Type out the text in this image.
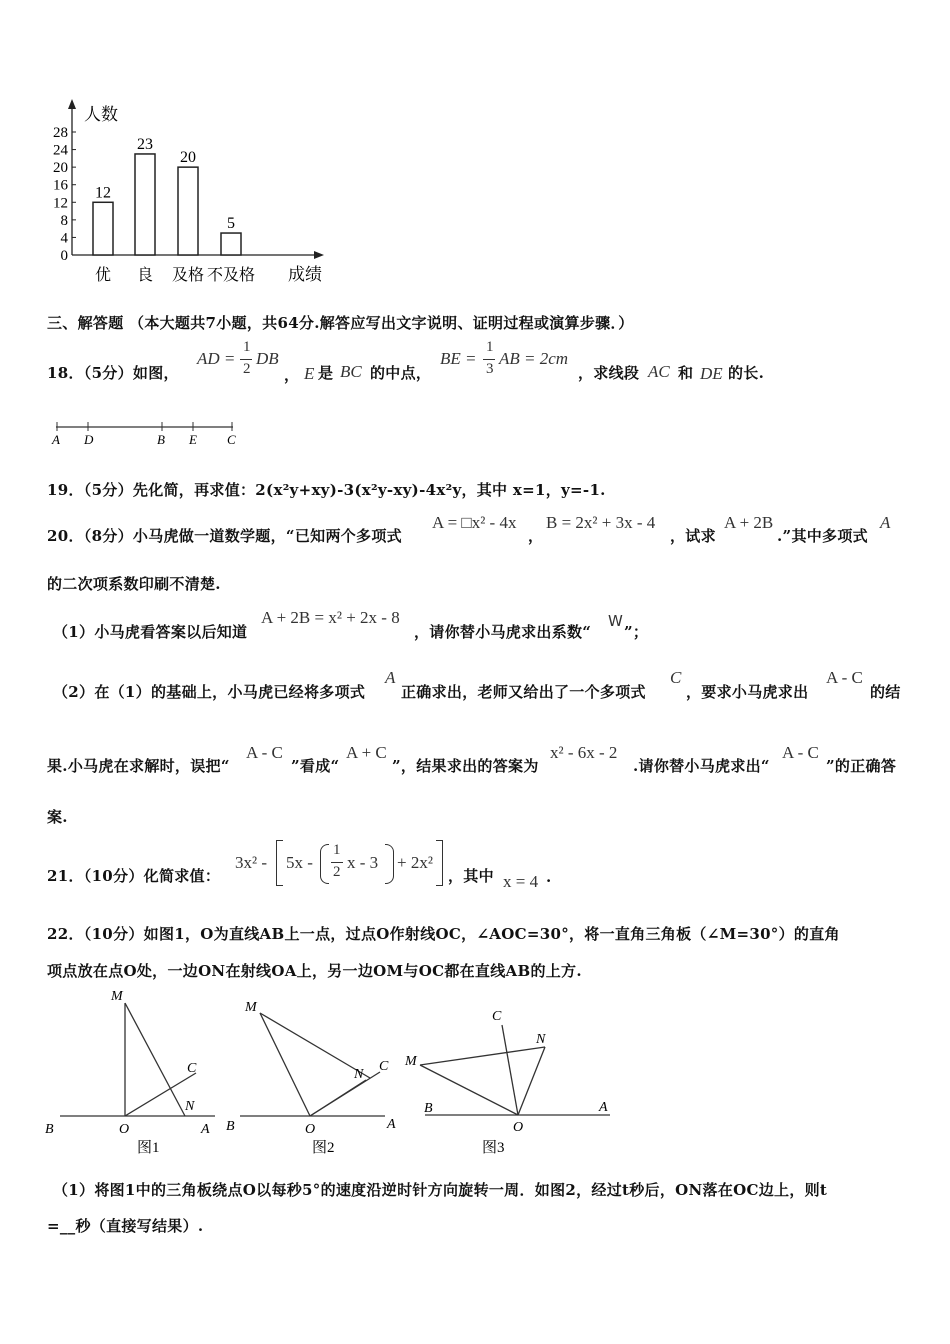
人数
成绩
0
4
8
12
16
20
24
28
12
23
20
5
优 良 及格 不及格
三、解答题 （本大题共7小题，共64分.解答应写出文字说明、证明过程或演算步骤．）
18．（5分）如图，
AD =
1
2
DB
， E 是 BC 的中点，
BE =
1
3
AB = 2cm
，求线段 AC 和 DE 的长.
A D	B E C
19．（5分）先化简，再求值：2(x²y+xy)-3(x²y-xy)-4x²y，其中 x=1，y=-1.
20．（8分）小马虎做一道数学题，“已知两个多项式
A = □x² - 4x
，
B = 2x² + 3x - 4
，试求
A + 2B
.”其中多项式
A
的二次项系数印刷不清楚.
（1）小马虎看答案以后知道
A + 2B = x² + 2x - 8
，请你替小马虎求出系数“
W
”；
（2）在（1）的基础上，小马虎已经将多项式
A
正确求出，老师又给出了一个多项式
C
，要求小马虎求出
A - C
的结
果.小马虎在求解时，误把“
A - C
”看成“
A + C
”，结果求出的答案为
x² - 6x - 2
.请你替小马虎求出“
A - C
”的正确答
案.
21．（10分）化简求值：
3x² - 5x -
1
2 x - 3 + 2x²
，其中 x = 4 .
22．（10分）如图1，O为直线AB上一点，过点O作射线OC，∠AOC=30°，将一直角三角板（∠M=30°）的直角
项点放在点O处，一边ON在射线OA上，另一边OM与OC都在直线AB的上方.
M
C
N
B	O	A
图1
M
C
N
B	O	A
图2
M
C
N
B
O
A
图3
（1）将图1中的三角板绕点O以每秒5°的速度沿逆时针方向旋转一周．如图2，经过t秒后，ON落在OC边上，则t
=__秒（直接写结果）.
